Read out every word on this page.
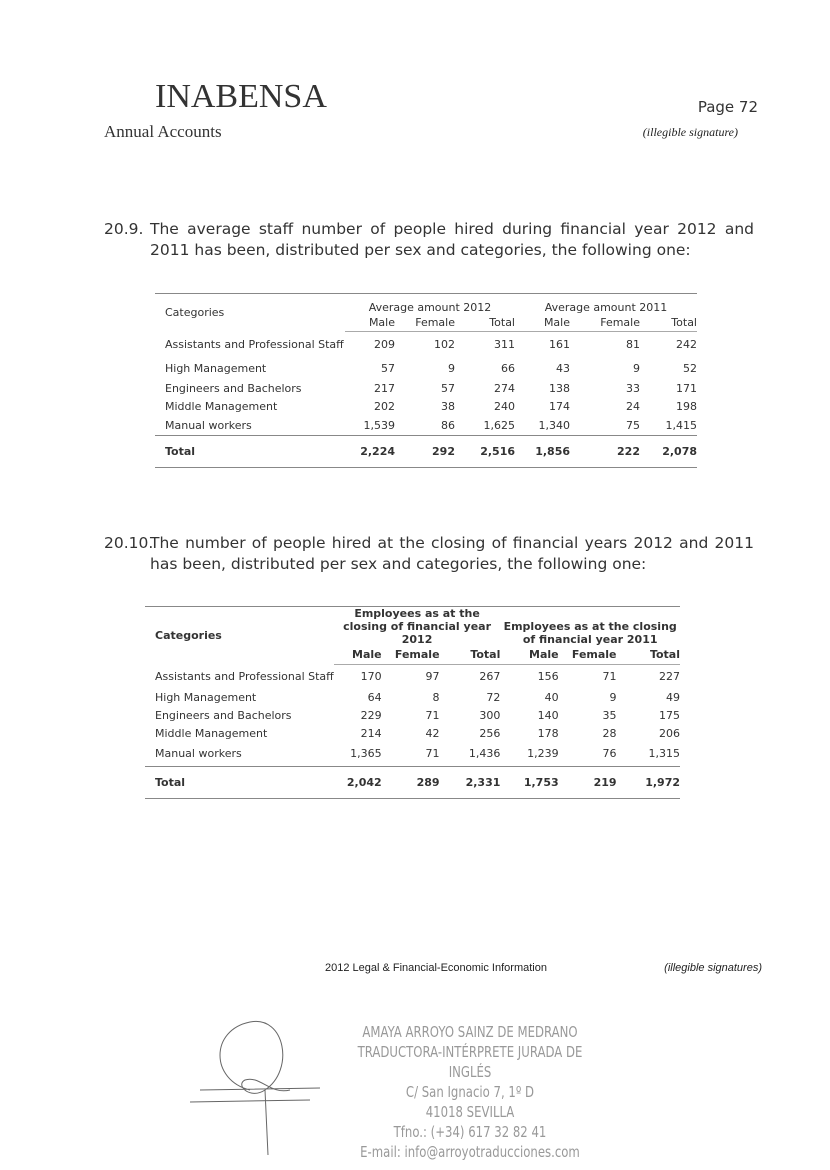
INABENSA
Annual Accounts
Page 72
(illegible signature)
20.9. The average staff number of people hired during financial year 2012 and 2011 has been, distributed per sex and categories, the following one:
Categories	Average amount 2012			Average amount 2011		
	Male	Female	Total	Male	Female	Total
Assistants and Professional Staff	209	102	311	161	81	242
High Management	57	9	66	43	9	52
Engineers and Bachelors	217	57	274	138	33	171
Middle Management	202	38	240	174	24	198
Manual workers	1,539	86	1,625	1,340	75	1,415
Total	2,224	292	2,516	1,856	222	2,078
20.10.
The number of people hired at the closing of financial years 2012 and 2011 has been, distributed per sex and categories, the following one:
Categories	Employees as at the closing of financial year 2012			Employees as at the closing of financial year 2011		
	Male	Female	Total	Male	Female	Total
Assistants and Professional Staff	170	97	267	156	71	227
High Management	64	8	72	40	9	49
Engineers and Bachelors	229	71	300	140	35	175
Middle Management	214	42	256	178	28	206
Manual workers	1,365	71	1,436	1,239	76	1,315
Total	2,042	289	2,331	1,753	219	1,972
2012 Legal & Financial-Economic Information	(illegible signatures)
AMAYA ARROYO SAINZ DE MEDRANO
TRADUCTORA-INTÉRPRETE JURADA DE INGLÉS
C/ San Ignacio 7, 1º D
41018 SEVILLA
Tfno.: (+34) 617 32 82 41
E-mail: info@arroyotraducciones.com
